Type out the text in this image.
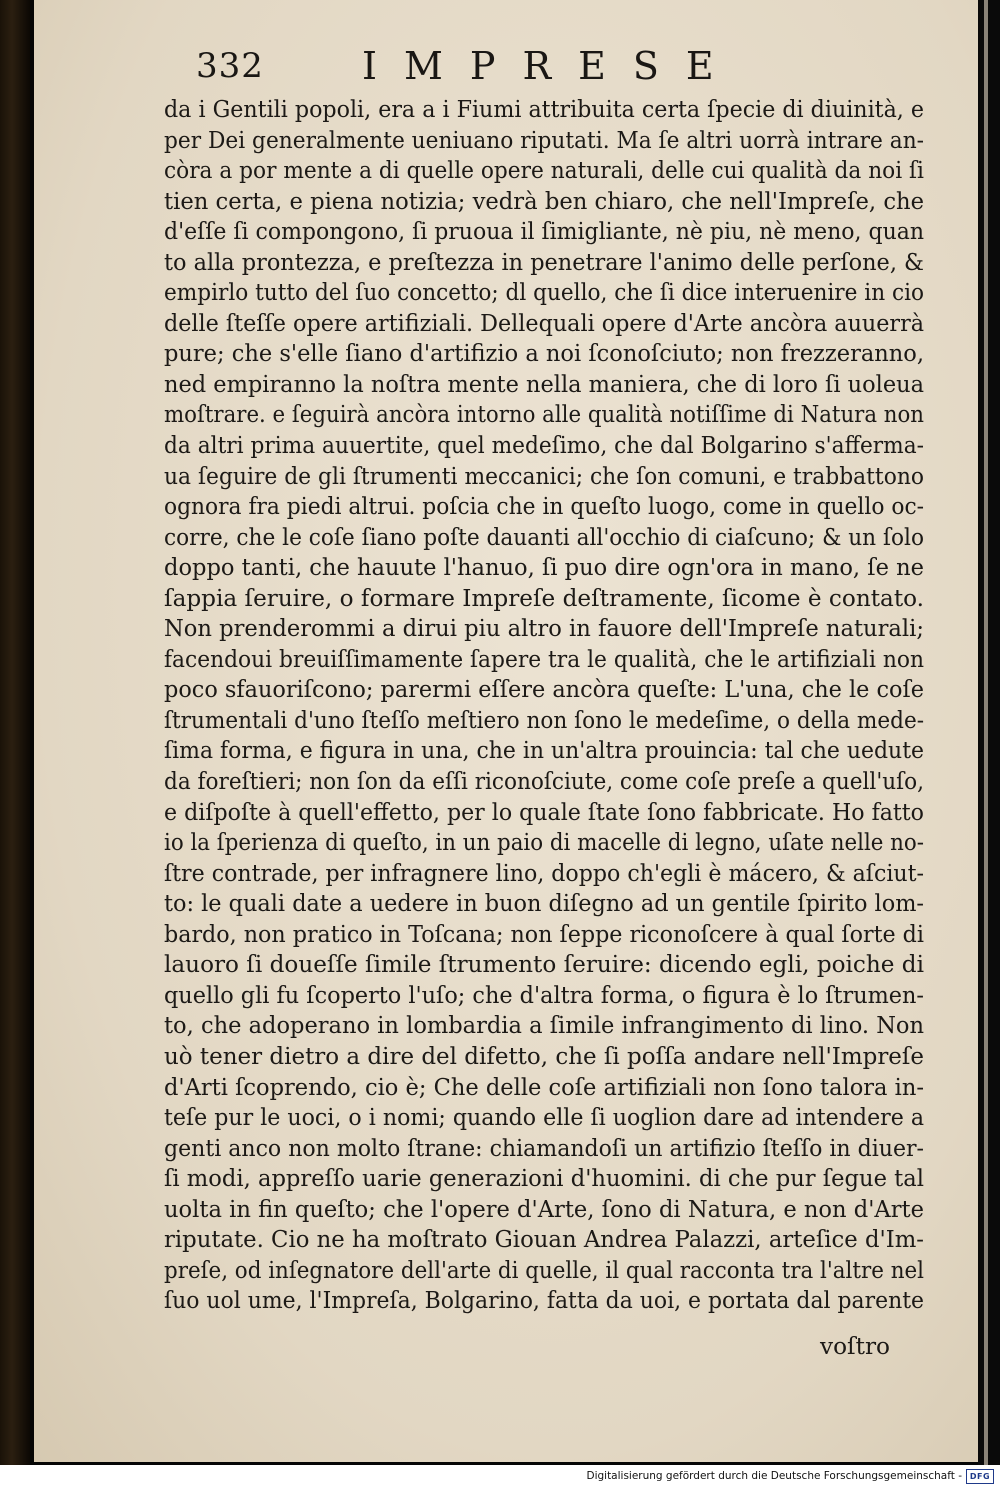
332	IMPRESE
da i Gentili popoli, era a i Fiumi attribuita certa ſpecie di diuinità, e
per Dei generalmente ueniuano riputati. Ma ſe altri uorrà intrare an-
còra a por mente a di quelle opere naturali, delle cui qualità da noi ſi
tien certa, e piena notizia; vedrà ben chiaro, che nell'Impreſe, che
d'eſſe ſi compongono, ſi pruoua il ſimigliante, nè piu, nè meno, quan
to alla prontezza, e preſtezza in penetrare l'animo delle perſone, &
empirlo tutto del ſuo concetto; dl quello, che ſi dice interuenire in cio
delle ſteſſe opere artifiziali. Dellequali opere d'Arte ancòra auuerrà
pure; che s'elle ſiano d'artifizio a noi ſconoſciuto; non frezzeranno,
ned empiranno la noſtra mente nella maniera, che di loro ſi uoleua
moſtrare. e ſeguirà ancòra intorno alle qualità notiſſime di Natura non
da altri prima auuertite, quel medeſimo, che dal Bolgarino s'afferma-
ua ſeguire de gli ſtrumenti meccanici; che ſon comuni, e trabbattono
ognora fra piedi altrui. poſcia che in queſto luogo, come in quello oc-
corre, che le coſe ſiano poſte dauanti all'occhio di ciaſcuno; & un ſolo
doppo tanti, che hauute l'hanuo, ſi puo dire ogn'ora in mano, ſe ne
ſappia ſeruire, o formare Impreſe deſtramente, ſicome è contato.
Non prenderommi a dirui piu altro in fauore dell'Impreſe naturali;
facendoui breuiſſimamente ſapere tra le qualità, che le artifiziali non
poco sfauoriſcono; parermi eſſere ancòra queſte: L'una, che le coſe
ſtrumentali d'uno ſteſſo meſtiero non ſono le medeſime, o della mede-
ſima forma, e figura in una, che in un'altra prouincia: tal che uedute
da foreſtieri; non ſon da eſſi riconoſciute, come coſe preſe a quell'uſo,
e diſpoſte à quell'effetto, per lo quale ſtate ſono fabbricate. Ho fatto
io la ſperienza di queſto, in un paio di macelle di legno, uſate nelle no-
ſtre contrade, per infragnere lino, doppo ch'egli è mácero, & aſciut-
to: le quali date a uedere in buon diſegno ad un gentile ſpirito lom-
bardo, non pratico in Toſcana; non ſeppe riconoſcere à qual ſorte di
lauoro ſi doueſſe ſimile ſtrumento ſeruire: dicendo egli, poiche di
quello gli fu ſcoperto l'uſo; che d'altra forma, o figura è lo ſtrumen-
to, che adoperano in lombardia a ſimile infrangimento di lino. Non
uò tener dietro a dire del difetto, che ſi poſſa andare nell'Impreſe
d'Arti ſcoprendo, cio è; Che delle coſe artifiziali non ſono talora in-
teſe pur le uoci, o i nomi; quando elle ſi uoglion dare ad intendere a
genti anco non molto ſtrane: chiamandoſi un artifizio ſteſſo in diuer-
ſi modi, appreſſo uarie generazioni d'huomini. di che pur ſegue tal
uolta in fin queſto; che l'opere d'Arte, ſono di Natura, e non d'Arte
riputate. Cio ne ha moſtrato Giouan Andrea Palazzi, arteſice d'Im-
preſe, od inſegnatore dell'arte di quelle, il qual racconta tra l'altre nel
ſuo uol ume, l'Impreſa, Bolgarino, fatta da uoi, e portata dal parente
voſtro
Digitalisierung gefördert durch die Deutsche Forschungsgemeinschaft - DFG
